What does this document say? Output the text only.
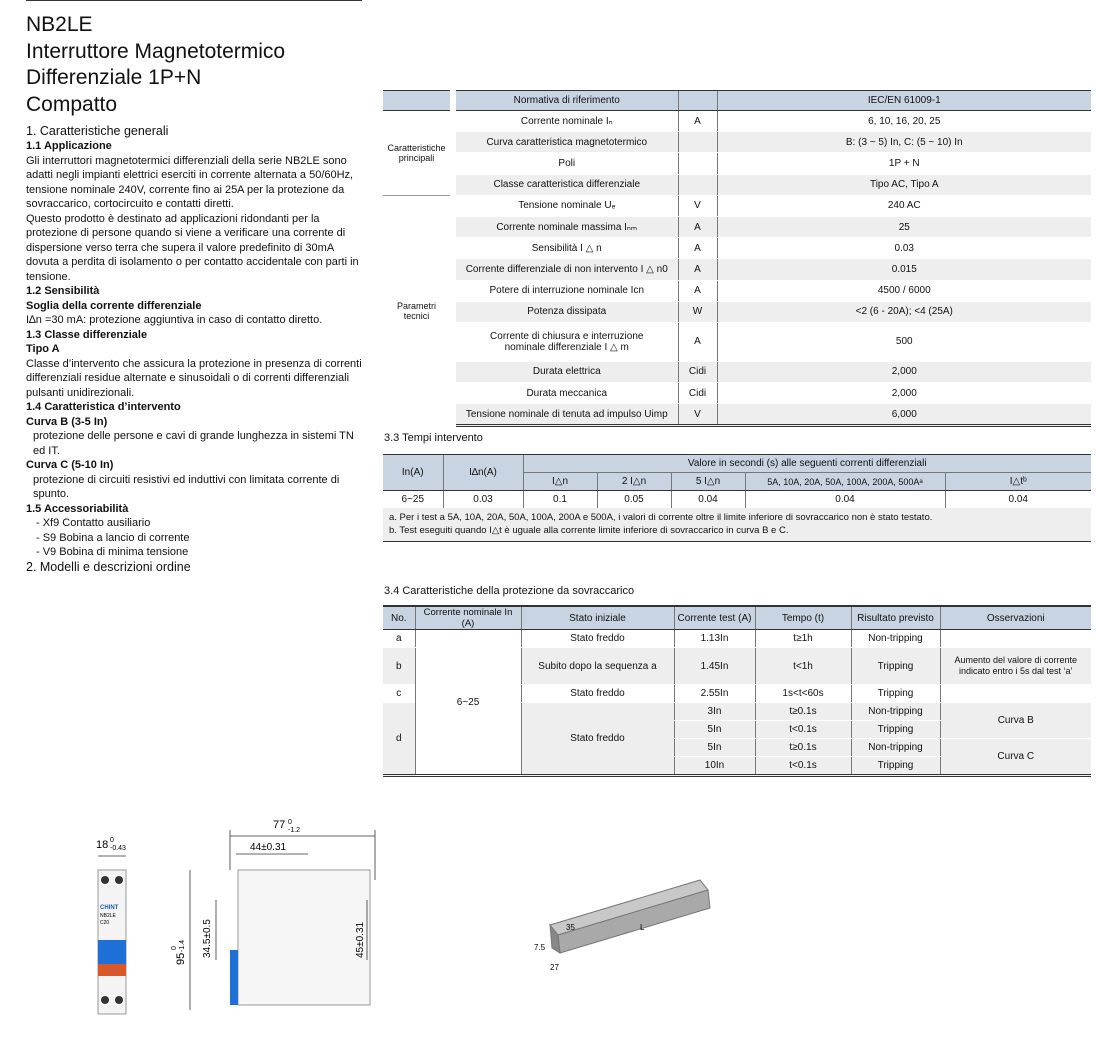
NB2LE
Interruttore Magnetotermico
Differenziale 1P+N
Compatto
1. Caratteristiche generali
1.1 Applicazione
Gli interruttori magnetotermici differenziali della serie NB2LE sono adatti negli impianti elettrici eserciti in corrente alternata a 50/60Hz, tensione nominale 240V, corrente fino ai 25A per la protezione da sovraccarico, cortocircuito e contatti diretti.
Questo prodotto è destinato ad applicazioni ridondanti per la protezione di persone quando si viene a verificare una corrente di dispersione verso terra che supera il valore predefinito di 30mA dovuta a perdita di isolamento o per contatto accidentale con parti in tensione.
1.2 Sensibilità
Soglia della corrente differenziale
I∆n =30 mA: protezione aggiuntiva in caso di contatto diretto.
1.3 Classe differenziale
Tipo A
Classe d’intervento che assicura la protezione in presenza di correnti differenziali residue alternate e sinusoidali o di correnti differenziali pulsanti unidirezionali.
1.4 Caratteristica d’intervento
Curva B (3-5 In)
protezione delle persone e cavi di grande lunghezza in sistemi TN ed IT.
Curva C (5-10 In)
protezione di circuiti resistivi ed induttivi con limitata corrente di spunto.
1.5 Accessoriabilità
- Xf9 Contatto ausiliario
- S9 Bobina a lancio di corrente
- V9 Bobina di minima tensione
2. Modelli e descrizioni ordine
		Normativa di riferimento		IEC/EN 61009-1
Caratteristiche principali		Corrente nominale Iₙ	A	6, 10, 16, 20, 25
		Curva caratteristica magnetotermico		B: (3 ~ 5) In, C: (5 ~ 10) In
		Poli		1P + N
		Classe caratteristica differenziale		Tipo AC, Tipo A
Parametri tecnici		Tensione nominale Uₑ	V	240 AC
		Corrente nominale massima Iₙₘ	A	25
		Sensibilità I △ n	A	0.03
		Corrente differenziale di non intervento I △ n0	A	0.015
		Potere di interruzione nominale Icn	A	4500 / 6000
		Potenza dissipata	W	<2 (6 - 20A); <4 (25A)
		Corrente di chiusura e interruzione nominale differenziale I △ m	A	500
		Durata elettrica	Cidi	2,000
		Durata meccanica	Cidi	2,000
		Tensione nominale di tenuta ad impulso Uimp	V	6,000
3.3 Tempi intervento
In(A)	I∆n(A)	Valore in secondi (s) alle seguenti correnti differenziali				
		I△n	2 I△n	5 I△n	5A, 10A, 20A, 50A, 100A, 200A, 500Aᵃ	I△tᵇ
6~25	0.03	0.1	0.05	0.04	0.04	0.04
a. Per i test a 5A, 10A, 20A, 50A, 100A, 200A e 500A, i valori di corrente oltre il limite inferiore di sovraccarico non è stato testato.
b. Test eseguiti quando I△t è uguale alla corrente limite inferiore di sovraccarico in curva B e C.
3.4 Caratteristiche della protezione da sovraccarico
No.	Corrente nominale In (A)	Stato iniziale	Corrente test (A)	Tempo (t)	Risultato previsto	Osservazioni
a	6~25	Stato freddo	1.13In	t≥1h	Non-tripping	
b		Subito dopo la sequenza a	1.45In	t<1h	Tripping	Aumento del valore di corrente indicato entro i 5s dal test ‘a’
c		Stato freddo	2.55In	1s<t<60s	Tripping	
d		Stato freddo	3In	t≥0.1s	Non-tripping	Curva B
			5In	t<0.1s	Tripping	
			5In	t≥0.1s	Non-tripping	Curva C
			10In	t<0.1s	Tripping	
18 0
-0.43
CHINT
NB2LE
C20
77 0
-1.2
44±0.31
95
0 -1.4 34.5±0.5	45±0.31	7.5
35
27
L
